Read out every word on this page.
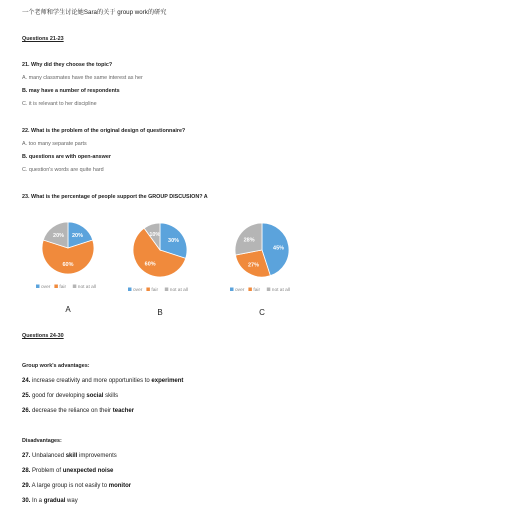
一个老师和学生讨论她Sara的关于 group work的研究
Questions 21-23
21. Why did they choose the topic?
A. many classmates have the same interest as her
B. may have a number of respondents
C. it is relevant to her discipline
22. What is the problem of the original design of questionnaire?
A. too many separate parts
B. questions are with open-answer
C. question's words are quite hard
23. What is the percentage of people support the GROUP DISCUSION? A
20%
60%
20%
over fair not at all
A
30%
60%
10%
over fair not at all
B
45%
27%
28%
over fair not at all
C
Questions 24-30
Group work's advantages:
24. increase creativity and more opportunities to experiment
25. good for developing social skills
26. decrease the reliance on their teacher
Disadvantages:
27. Unbalanced skill improvements
28. Problem of unexpected noise
29. A large group is not easily to monitor
30. In a gradual way
